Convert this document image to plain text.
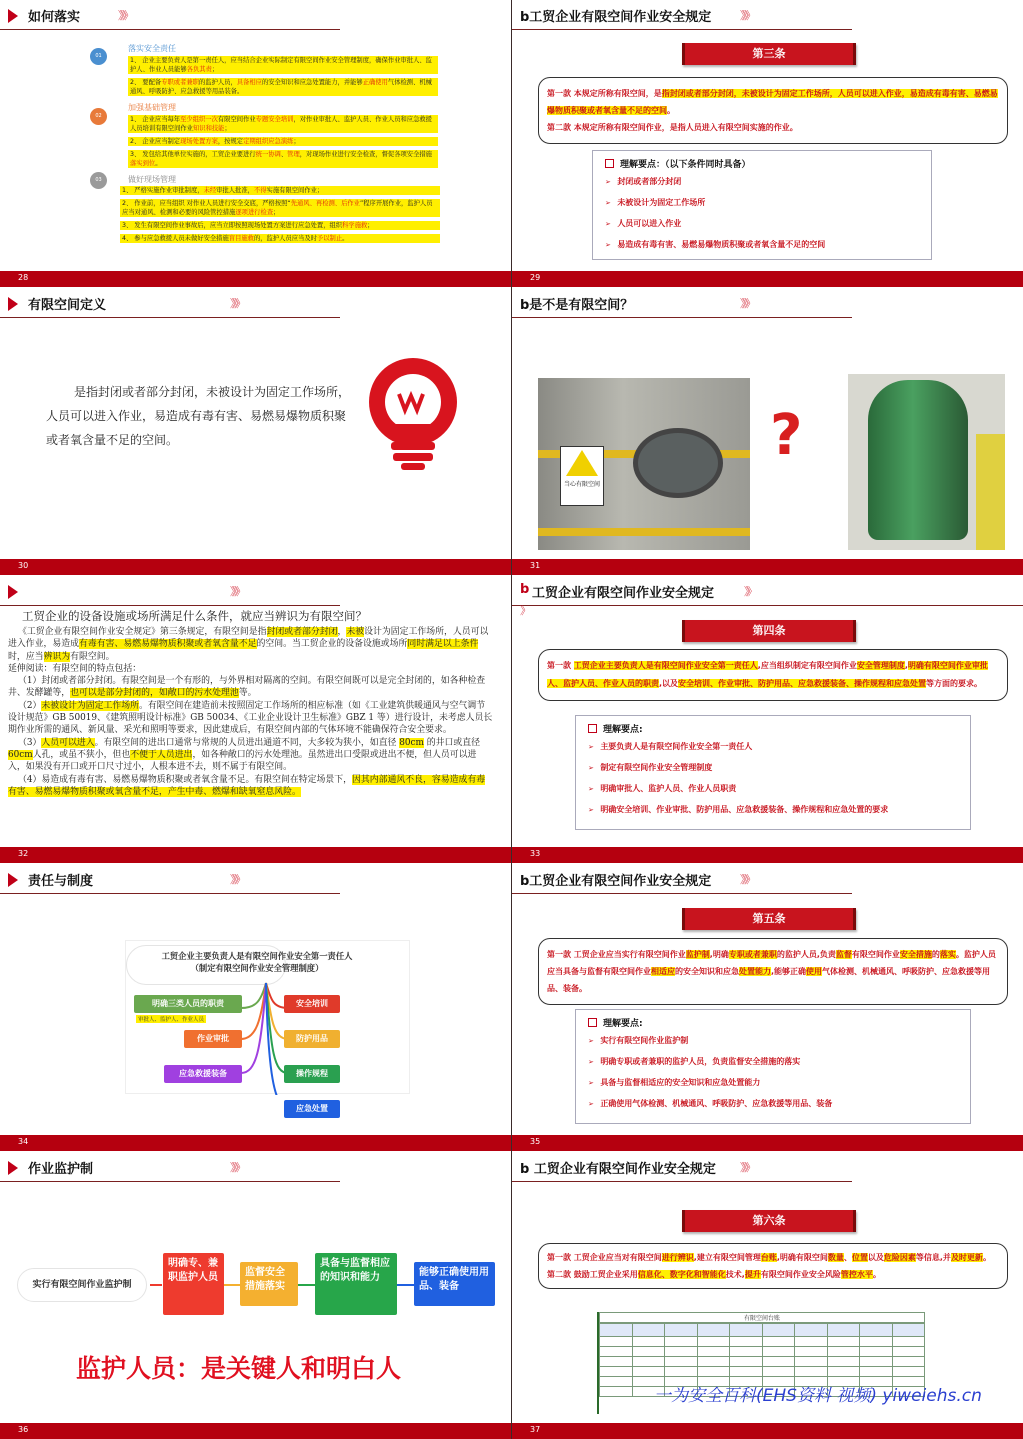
如何落实	》》》
01
落实安全责任
1、 企业主要负责人是第一责任人，应当结合企业实际制定有限空间作业安全管理制度，确保作业审批人、监护人、作业人员能够各负其责；
2、 要配备专职或者兼职的监护人员，具备相应的安全知识和应急处置能力，并能够正确使用气体检测、机械通风、呼吸防护、应急救援等用品装备。
02
加强基础管理
1、 企业应当每年至少组织一次有限空间作业专题安全培训，对作业审批人、监护人员、作业人员和应急救援人员培训有限空间作业知识和技能；
2、 企业应当制定现场处置方案，按规定定期组织应急演练；
3、 发包给其他单位实施的，工贸企业要进行统一协调、管理，对现场作业进行安全检查，督促各项安全措施落实到位。
03	做好现场管理
1、 严格实施作业审批制度，未经审批人批准，不得实施有限空间作业；
2、 作业前，应当组织 对作业人员进行安全交底，严格按照“先通风、再检测、后作业”程序开展作业，监护人员应当对通风、检测和必要的风险管控措施逐项进行检查；
3、 发生有限空间作业事故后，应当立即按照现场处置方案进行应急处置，组织科学施救；
4、 参与应急救援人员未做好安全措施盲目施救的，监护人员应当及时予以制止。
28
b工贸企业有限空间作业安全规定	》》》
第三条
第一款 本规定所称有限空间，是指封闭或者部分封闭，未被设计为固定工作场所，人员可以进入作业，易造成有毒有害、易燃易爆物质积聚或者氧含量不足的空间。
第二款 本规定所称有限空间作业，是指人员进入有限空间实施的作业。
理解要点：（以下条件同时具备）
➢ 封闭或者部分封闭
➢ 未被设计为固定工作场所
➢ 人员可以进入作业
➢ 易造成有毒有害、易燃易爆物质积聚或者氧含量不足的空间
29
有限空间定义	》》》
是指封闭或者部分封闭，未被设计为固定工作场所，人员可以进入作业，易造成有毒有害、易燃易爆物质积聚或者氧含量不足的空间。
30
b是不是有限空间？	》》》
当心有限空间
?
31
》》》
工贸企业的设备设施或场所满足什么条件，就应当辨识为有限空间？
《工贸企业有限空间作业安全规定》第三条规定，有限空间是指封闭或者部分封闭，未被设计为固定工作场所，人员可以进入作业，易造成有毒有害、易燃易爆物质积聚或者氧含量不足的空间。当工贸企业的设备设施或场所同时满足以上条件时，应当辨识为有限空间。
延伸阅读：有限空间的特点包括：
（1）封闭或者部分封闭。有限空间是一个有形的，与外界相对隔离的空间。有限空间既可以是完全封闭的，如各种检查井、发酵罐等，也可以是部分封闭的，如敞口的污水处理池等。
（2）未被设计为固定工作场所。有限空间在建造前未按照固定工作场所的相应标准（如《工业建筑供暖通风与空气调节设计规范》GB 50019、《建筑照明设计标准》GB 50034、《工业企业设计卫生标准》GBZ 1 等）进行设计，未考虑人员长期作业所需的通风、新风量、采光和照明等要求，因此建成后，有限空间内部的气体环境不能确保符合安全要求。
（3）人员可以进入。有限空间的进出口通常与常规的人员进出通道不同，大多较为狭小，如直径 80cm 的井口或直径 60cm人孔，或虽不狭小，但也不便于人员进出，如各种敞口的污水处理池。虽然进出口受限或进出不便，但人员可以进入，如果没有开口或开口尺寸过小，人根本进不去，则不属于有限空间。
（4）易造成有毒有害、易燃易爆物质积聚或者氧含量不足。有限空间在特定场景下，因其内部通风不良，容易造成有毒有害、易燃易爆物质积聚或氧含量不足，产生中毒、燃爆和缺氧窒息风险。
32
b 工贸企业有限空间作业安全规定	》》
》
第四条
第一款 工贸企业主要负责人是有限空间作业安全第一责任人,应当组织制定有限空间作业安全管理制度,明确有限空间作业审批人、监护人员、作业人员的职责,以及安全培训、作业审批、防护用品、应急救援装备、操作规程和应急处置等方面的要求。
理解要点:
➢ 主要负责人是有限空间作业安全第一责任人
➢ 制定有限空间作业安全管理制度
➢ 明确审批人、监护人员、作业人员职责
➢ 明确安全培训、作业审批、防护用品、应急救援装备、操作规程和应急处置的要求
33
责任与制度	》》》
工贸企业主要负责人是有限空间作业安全第一责任人
（制定有限空间作业安全管理制度）
明确三类人员的职责
审批人、监护人、作业人员
作业审批
应急救援装备
安全培训
防护用品
操作规程
应急处置
34
b工贸企业有限空间作业安全规定	》》》
第五条
第一款 工贸企业应当实行有限空间作业监护制,明确专职或者兼职的监护人员,负责监督有限空间作业安全措施的落实。监护人员应当具备与监督有限空间作业相适应的安全知识和应急处置能力,能够正确使用气体检测、机械通风、呼吸防护、应急救援等用品、装备。
理解要点:
➢ 实行有限空间作业监护制
➢ 明确专职或者兼职的监护人员，负责监督安全措施的落实
➢ 具备与监督相适应的安全知识和应急处置能力
➢ 正确使用气体检测、机械通风、呼吸防护、应急救援等用品、装备
35
作业监护制	》》》
实行有限空间作业监护制
明确专、兼职监护人员	监督安全措施落实
具备与监督相应的知识和能力	能够正确使用用品、装备
监护人员：是关键人和明白人
36
b 工贸企业有限空间作业安全规定 》》》
第六条
第一款 工贸企业应当对有限空间进行辨识,建立有限空间管理台账,明确有限空间数量、位置以及危险因素等信息,并及时更新。
第二款 鼓励工贸企业采用信息化、数字化和智能化技术,提升有限空间作业安全风险管控水平。
有限空间台账

一为安全百科(EHS资料 视频) yiweiehs.cn
37
